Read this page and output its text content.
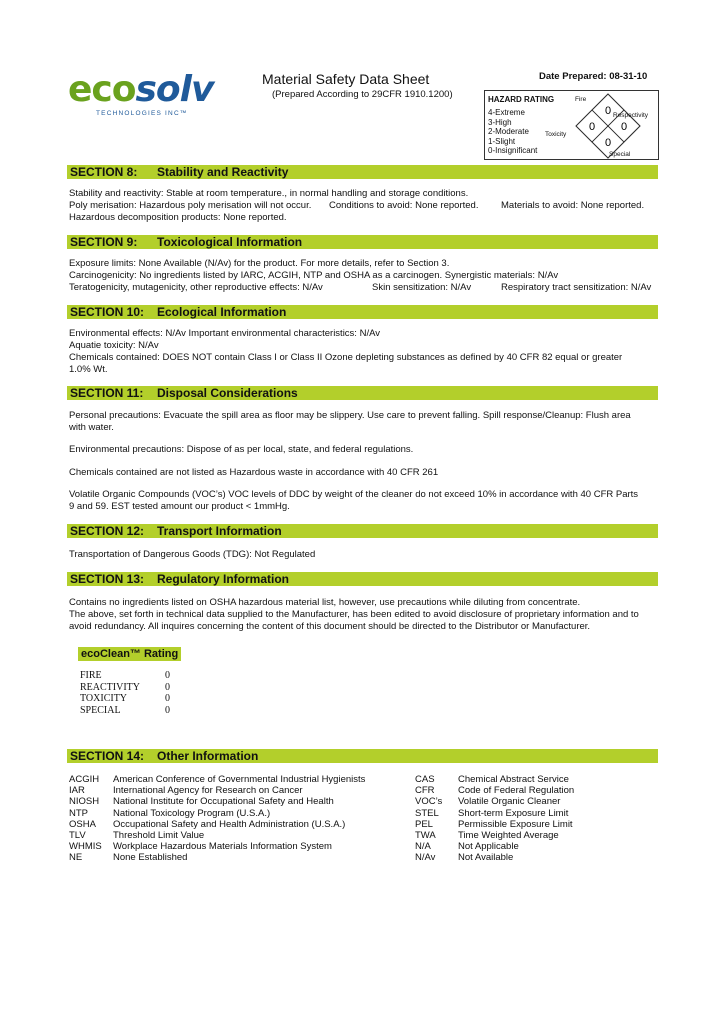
ecosolv
TECHNOLOGIES INC™
Material Safety Data Sheet
(Prepared According to 29CFR 1910.1200)
Date Prepared: 08-31-10
HAZARD RATING
4-Extreme
3-High
2-Moderate
1-Slight
0-Insignificant
0
0 0
0
Fire
Respectivity
Toxicity
Special
SECTION 8: Stability and Reactivity
Stability and reactivity: Stable at room temperature., in normal handling and storage conditions.
Poly merisation: Hazardous poly merisation will not occur. Conditions to avoid: None reported. Materials to avoid: None reported.
Hazardous decomposition products: None reported.
SECTION 9: Toxicological Information
Exposure limits: None Available (N/Av) for the product. For more details, refer to Section 3.
Carcinogenicity: No ingredients listed by IARC, ACGIH, NTP and OSHA as a carcinogen. Synergistic materials: N/Av
Teratogenicity, mutagenicity, other reproductive effects: N/Av	Skin sensitization: N/Av	Respiratory tract sensitization: N/Av
SECTION 10: Ecological Information
Environmental effects: N/Av Important environmental characteristics: N/Av
Aquatie toxicity: N/Av
Chemicals contained: DOES NOT contain Class I or Class II Ozone depleting substances as defined by 40 CFR 82 equal or greater
1.0% Wt.
SECTION 11: Disposal Considerations
Personal precautions: Evacuate the spill area as floor may be slippery. Use care to prevent falling. Spill response/Cleanup: Flush area
with water.
Environmental precautions: Dispose of as per local, state, and federal regulations.
Chemicals contained are not listed as Hazardous waste in accordance with 40 CFR 261
Volatile Organic Compounds (VOC’s) VOC levels of DDC by weight of the cleaner do not exceed 10% in accordance with 40 CFR Parts
9 and 59. EST tested amount our product < 1mmHg.
SECTION 12: Transport Information
Transportation of Dangerous Goods (TDG): Not Regulated
SECTION 13: Regulatory Information
Contains no ingredients listed on OSHA hazardous material list, however, use precautions while diluting from concentrate.
The above, set forth in technical data supplied to the Manufacturer, has been edited to avoid disclosure of proprietary information and to
avoid redundancy. All inquires concerning the content of this document should be directed to the Distributor or Manufacturer.
ecoClean™ Rating
FIRE	0
REACTIVITY	0
TOXICITY	0
SPECIAL	0
SECTION 14: Other Information
ACGIH American Conference of Governmental Industrial Hygienists
IAR	International Agency for Research on Cancer
NIOSH National Institute for Occupational Safety and Health
NTP	National Toxicology Program (U.S.A.)
OSHA Occupational Safety and Health Administration (U.S.A.)
TLV	Threshold Limit Value
WHMIS Workplace Hazardous Materials Information System
NE	None Established
CAS Chemical Abstract Service
CFR Code of Federal Regulation
VOC’s Volatile Organic Cleaner
STEL Short-term Exposure Limit
PEL	Permissible Exposure Limit
TWA Time Weighted Average
N/A	Not Applicable
N/Av Not Available
